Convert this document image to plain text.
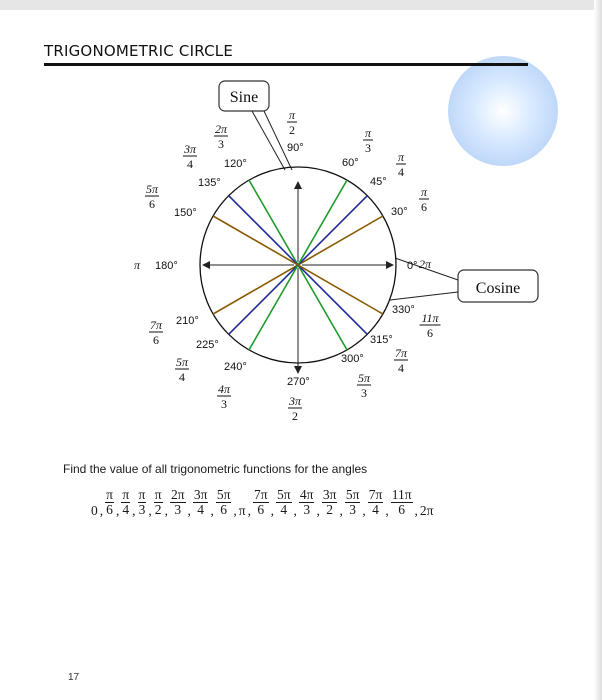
TRIGONOMETRIC CIRCLE
Sine
Cosine
0°
30°
45°
60°
90°
120°
135°
150°
180°
210°
225°
240°
270°
300°
315°
330°
2π
π
6
π
4
π
3
π
2
2π
3
3π
4
5π
6
π
7π
6
5π
4
4π
3	3π
2
5π
3
7π
4
11π
6
Find the value of all trigonometric functions for the angles
0 , $\frac{\pi}{6}$ , $\frac{\pi}{4}$ , $\frac{\pi}{3}$ , $\frac{\pi}{2}$ , $\frac{2\pi}{3}$ , $\frac{3\pi}{4}$ , $\frac{5\pi}{6}$ , π , $\frac{7\pi}{6}$ , $\frac{5\pi}{4}$ , $\frac{4\pi}{3}$ , $\frac{3\pi}{2}$ , $\frac{5\pi}{3}$ , $\frac{7\pi}{4}$ , $\frac{11\pi}{6}$ , 2π
17
